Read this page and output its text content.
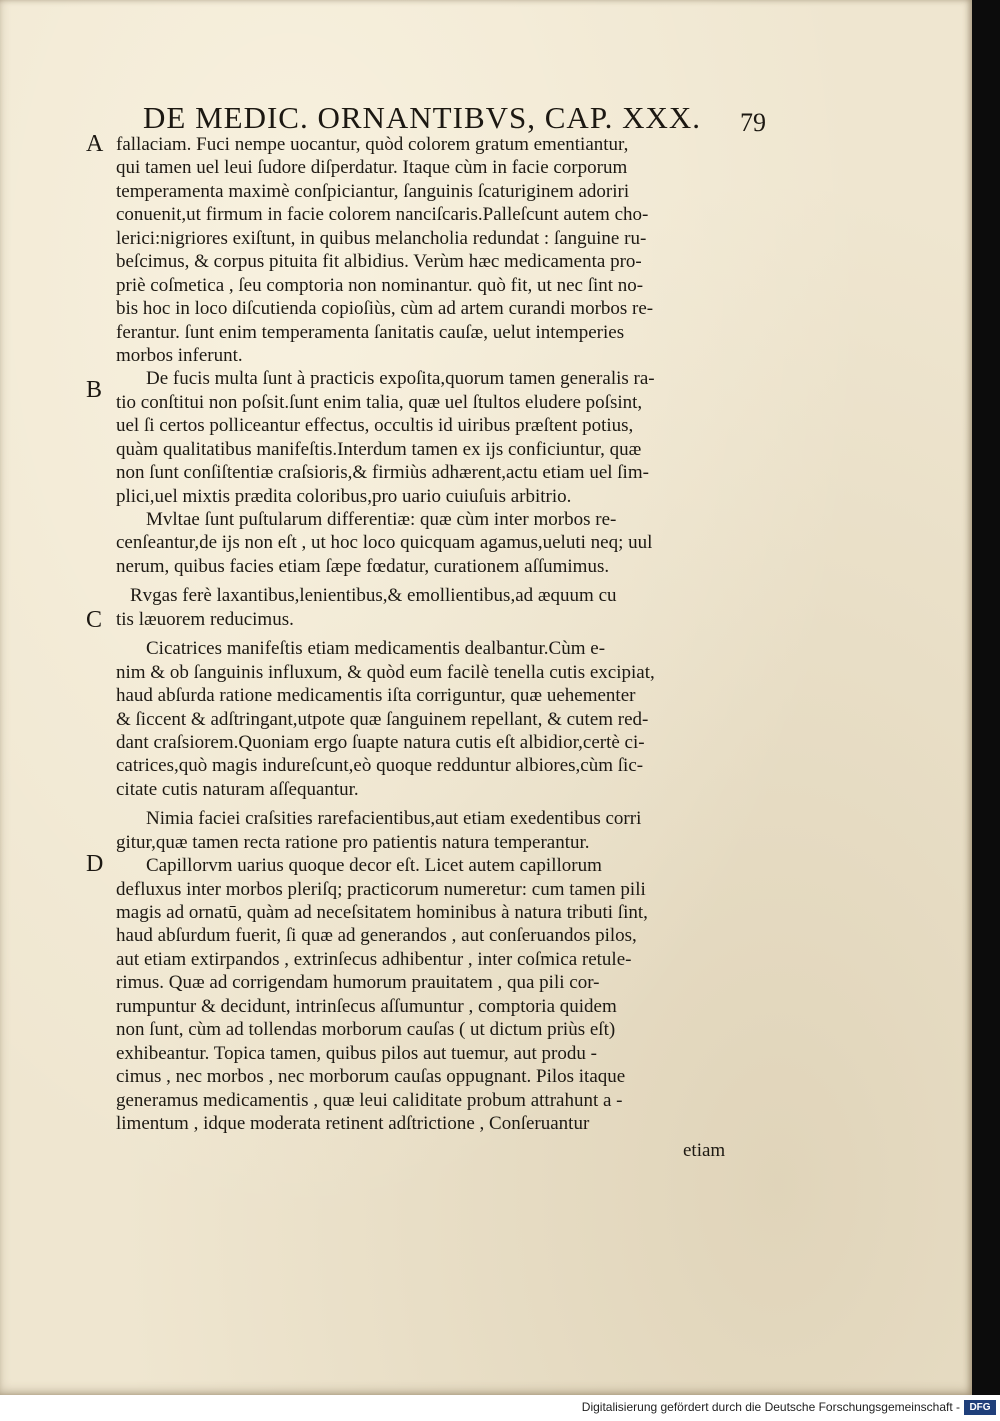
DE MEDIC. ORNANTIBVS, CAP. XXX.	79
A
B
C
D
fallaciam. Fuci nempe uocantur, quòd colorem gratum ementiantur,
qui tamen uel leui ſudore diſperdatur. Itaque cùm in facie corporum
temperamenta maximè conſpiciantur, ſanguinis ſcaturiginem adoriri
conuenit,ut firmum in facie colorem nanciſcaris.Palleſcunt autem cho-
lerici:nigriores exiſtunt, in quibus melancholia redundat : ſanguine ru-
beſcimus, & corpus pituita fit albidius. Verùm hæc medicamenta pro-
priè coſmetica , ſeu comptoria non nominantur. quò fit, ut nec ſint no-
bis hoc in loco diſcutienda copioſiùs, cùm ad artem curandi morbos re-
ferantur. ſunt enim temperamenta ſanitatis cauſæ, uelut intemperies
morbos inferunt.
De fucis multa ſunt à practicis expoſita,quorum tamen generalis ra-
tio conſtitui non poſsit.ſunt enim talia, quæ uel ſtultos eludere poſsint,
uel ſi certos polliceantur effectus, occultis id uiribus præſtent potius,
quàm qualitatibus manifeſtis.Interdum tamen ex ijs conficiuntur, quæ
non ſunt conſiſtentiæ craſsioris,& firmiùs adhærent,actu etiam uel ſim-
plici,uel mixtis prædita coloribus,pro uario cuiuſuis arbitrio.
Mvltae ſunt puſtularum differentiæ: quæ cùm inter morbos re-
cenſeantur,de ijs non eſt , ut hoc loco quicquam agamus,ueluti neq; uul
nerum, quibus facies etiam ſæpe fœdatur, curationem aſſumimus.
Rvgas ferè laxantibus,lenientibus,& emollientibus,ad æquum cu
tis læuorem reducimus.
Cicatrices manifeſtis etiam medicamentis dealbantur.Cùm e-
nim & ob ſanguinis influxum, & quòd eum facilè tenella cutis excipiat,
haud abſurda ratione medicamentis iſta corriguntur, quæ uehementer
& ſiccent & adſtringant,utpote quæ ſanguinem repellant, & cutem red-
dant craſsiorem.Quoniam ergo ſuapte natura cutis eſt albidior,certè ci-
catrices,quò magis indureſcunt,eò quoque redduntur albiores,cùm ſic-
citate cutis naturam aſſequantur.
Nimia faciei craſsities rarefacientibus,aut etiam exedentibus corri
gitur,quæ tamen recta ratione pro patientis natura temperantur.
Capillorvm uarius quoque decor eſt. Licet autem capillorum
defluxus inter morbos pleriſq; practicorum numeretur: cum tamen pili
magis ad ornatū, quàm ad neceſsitatem hominibus à natura tributi ſint,
haud abſurdum fuerit, ſi quæ ad generandos , aut conſeruandos pilos,
aut etiam extirpandos , extrinſecus adhibentur , inter coſmica retule-
rimus. Quæ ad corrigendam humorum prauitatem , qua pili cor-
rumpuntur & decidunt, intrinſecus aſſumuntur , comptoria quidem
non ſunt, cùm ad tollendas morborum cauſas ( ut dictum priùs eſt)
exhibeantur. Topica tamen, quibus pilos aut tuemur, aut produ -
cimus , nec morbos , nec morborum cauſas oppugnant. Pilos itaque
generamus medicamentis , quæ leui caliditate probum attrahunt a -
limentum , idque moderata retinent adſtrictione , Conſeruantur
etiam
Digitalisierung gefördert durch die Deutsche Forschungsgemeinschaft - DFG
